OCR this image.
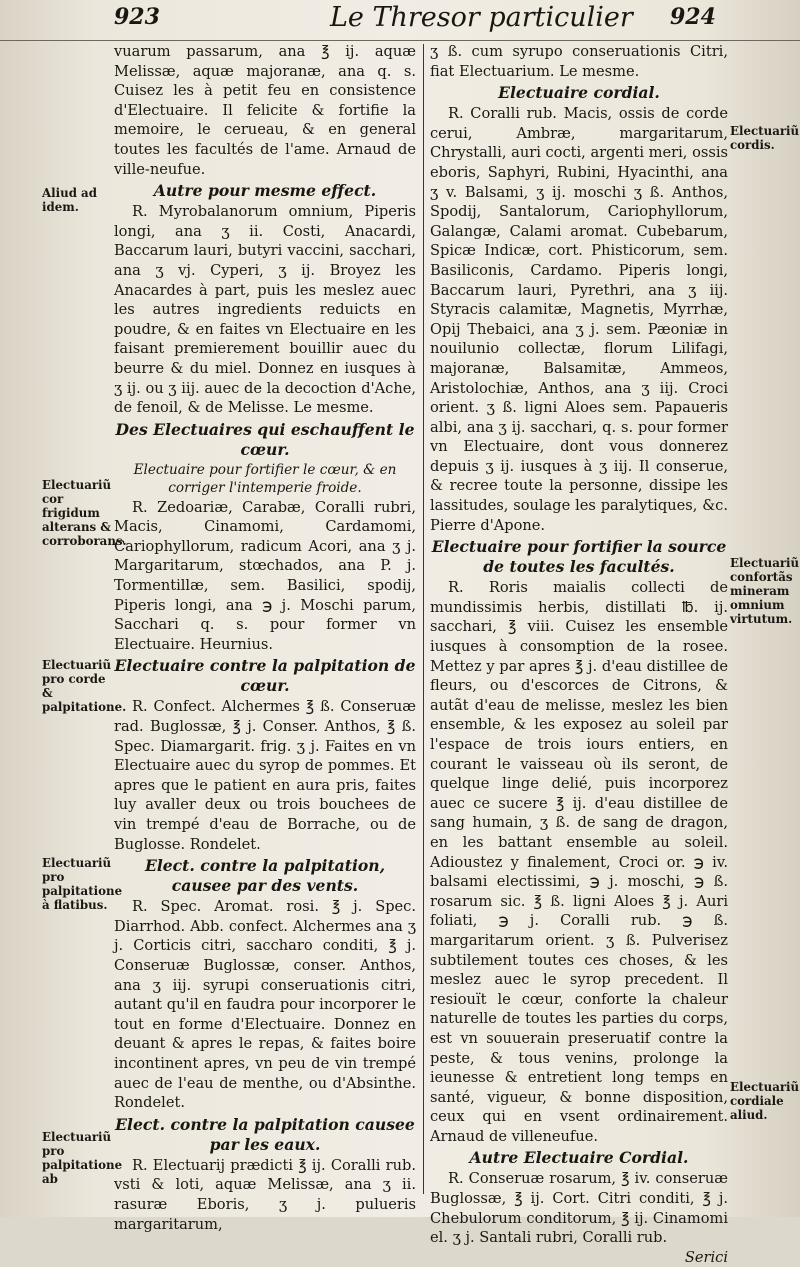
923	Le Thresor particulier 924

vuarum passarum, ana ℥ ij. aquæ Melissæ, aquæ majoranæ, ana q. s. Cuisez les à petit feu en consistence d'Electuaire. Il felicite & fortifie la memoire, le cerueau, & en general toutes les facultés de l'ame. Arnaud de ville-neufue.

Autre pour mesme effect.

R. Myrobalanorum omnium, Piperis longi, ana ʒ ii. Costi, Anacardi, Baccarum lauri, butyri vaccini, sacchari, ana ʒ vj. Cyperi, ʒ ij. Broyez les Anacardes à part, puis les meslez auec les autres ingredients reduicts en poudre, & en faites vn Electuaire en les faisant premierement bouillir auec du beurre & du miel. Donnez en iusques à ʒ ij. ou ʒ iij. auec de la decoction d'Ache, de fenoil, & de Melisse. Le mesme.

Des Electuaires qui eschauffent le cœur.
Electuaire pour fortifier le cœur, & en corriger l'intemperie froide.

R. Zedoariæ, Carabæ, Coralli rubri, Macis, Cinamomi, Cardamomi, Cariophyllorum, radicum Acori, ana ʒ j. Margaritarum, stœchados, ana P. j. Tormentillæ, sem. Basilici, spodij, Piperis longi, ana ℈ j. Moschi parum, Sacchari q. s. pour former vn Electuaire. Heurnius.

Electuaire contre la palpitation de cœur.

R. Confect. Alchermes ℥ ß. Conseruæ rad. Buglossæ, ℥ j. Conser. Anthos, ℥ ß. Spec. Diamargarit. frig. ʒ j. Faites en vn Electuaire auec du syrop de pommes. Et apres que le patient en aura pris, faites luy avaller deux ou trois bouchees de vin trempé d'eau de Borrache, ou de Buglosse. Rondelet.

Elect. contre la palpitation, causee par des vents.

R. Spec. Aromat. rosi. ℥ j. Spec. Diarrhod. Abb. confect. Alchermes ana ʒ j. Corticis citri, saccharo conditi, ℥ j. Conseruæ Buglossæ, conser. Anthos, ana ʒ iij. syrupi conseruationis citri, autant qu'il en faudra pour incorporer le tout en forme d'Electuaire. Donnez en deuant & apres le repas, & faites boire incontinent apres, vn peu de vin trempé auec de l'eau de menthe, ou d'Absinthe. Rondelet.

Elect. contre la palpitation causee par les eaux.

R. Electuarij prædicti ℥ ij. Coralli rub. vsti & loti, aquæ Melissæ, ana ʒ ii. rasuræ Eboris, ʒ j. pulueris margaritarum,

ʒ ß. cum syrupo conseruationis Citri, fiat Electuarium. Le mesme.

Electuaire cordial.

R. Coralli rub. Macis, ossis de corde cerui, Ambræ, margaritarum, Chrystalli, auri cocti, argenti meri, ossis eboris, Saphyri, Rubini, Hyacinthi, ana ʒ v. Balsami, ʒ ij. moschi ʒ ß. Anthos, Spodij, Santalorum, Cariophyllorum, Galangæ, Calami aromat. Cubebarum, Spicæ Indicæ, cort. Phisticorum, sem. Basiliconis, Cardamo. Piperis longi, Baccarum lauri, Pyrethri, ana ʒ iij. Styracis calamitæ, Magnetis, Myrrhæ, Opij Thebaici, ana ʒ j. sem. Pæoniæ in nouilunio collectæ, florum Lilifagi, majoranæ, Balsamitæ, Ammeos, Aristolochiæ, Anthos, ana ʒ iij. Croci orient. ʒ ß. ligni Aloes sem. Papaueris albi, ana ʒ ij. sacchari, q. s. pour former vn Electuaire, dont vous donnerez depuis ʒ ij. iusques à ʒ iij. Il conserue, & recree toute la personne, dissipe les lassitudes, soulage les paralytiques, &c. Pierre d'Apone.

Electuaire pour fortifier la source de toutes les facultés.

R. Roris maialis collecti de mundissimis herbis, distillati ℔. ij. sacchari, ℥ viii. Cuisez les ensemble iusques à consomption de la rosee. Mettez y par apres ℥ j. d'eau distillee de fleurs, ou d'escorces de Citrons, & autãt d'eau de melisse, meslez les bien ensemble, & les exposez au soleil par l'espace de trois iours entiers, en courant le vaisseau où ils seront, de quelque linge delié, puis incorporez auec ce sucere ℥ ij. d'eau distillee de sang humain, ʒ ß. de sang de dragon, en les battant ensemble au soleil. Adioustez y finalement, Croci or. ℈ iv. balsami electissimi, ℈ j. moschi, ℈ ß. rosarum sic. ℥ ß. ligni Aloes ℥ j. Auri foliati, ℈ j. Coralli rub. ℈ ß. margaritarum orient. ʒ ß. Pulverisez subtilement toutes ces choses, & les meslez auec le syrop precedent. Il resiouït le cœur, conforte la chaleur naturelle de toutes les parties du corps, est vn souuerain preseruatif contre la peste, & tous venins, prolonge la ieunesse & entretient long temps en santé, vigueur, & bonne disposition, ceux qui en vsent ordinairement. Arnaud de villeneufue.

Autre Electuaire Cordial.

R. Conseruæ rosarum, ℥ iv. conseruæ Buglossæ, ℥ ij. Cort. Citri conditi, ℥ j. Chebulorum conditorum, ℥ ij. Cinamomi el. ʒ j. Santali rubri, Coralli rub.

Serici

Aliud ad
idem.
Electuariũ
cor frigidum alterans & corroborans.
Electuariũ
pro corde & palpitatione.
Electuariũ
pro palpitatione à flatibus.
Electuariũ
pro palpitatione ab
Electuariũ
cordis.
Electuariũ
confortãs mineram omnium virtutum.
Electuariũ
cordiale aliud.
